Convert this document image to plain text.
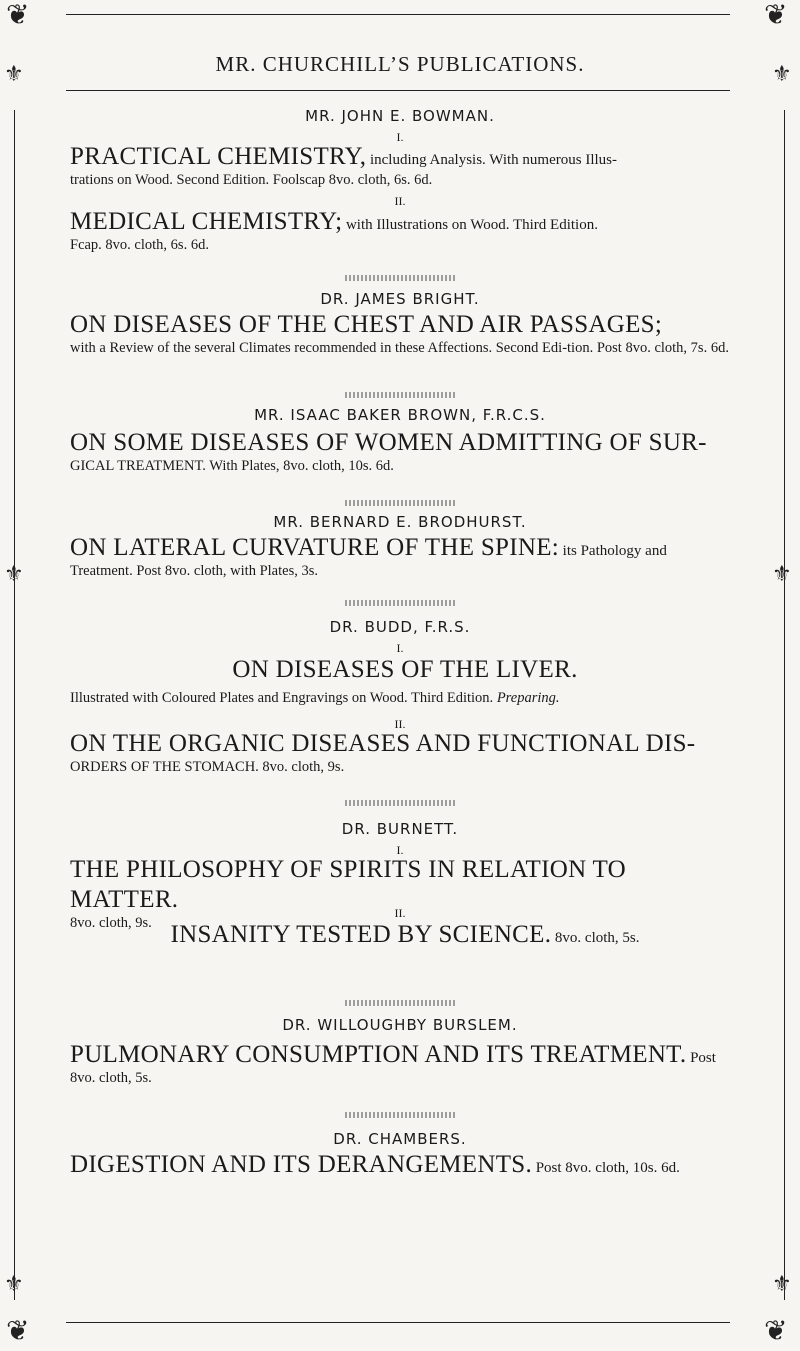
❦	❦
❦	❦
⚜	⚜
⚜	⚜
⚜	⚜
MR. CHURCHILL’S PUBLICATIONS.
MR. JOHN E. BOWMAN.
I.
PRACTICAL CHEMISTRY, including Analysis. With numerous Illus-
trations on Wood. Second Edition. Foolscap 8vo. cloth, 6s. 6d.
II.
MEDICAL CHEMISTRY; with Illustrations on Wood. Third Edition.
Fcap. 8vo. cloth, 6s. 6d.
DR. JAMES BRIGHT.
ON DISEASES OF THE CHEST AND AIR PASSAGES;
with a Review of the several Climates recommended in these Affections. Second Edi-tion. Post 8vo. cloth, 7s. 6d.
MR. ISAAC BAKER BROWN, F.R.C.S.
ON SOME DISEASES OF WOMEN ADMITTING OF SUR-
GICAL TREATMENT. With Plates, 8vo. cloth, 10s. 6d.
MR. BERNARD E. BRODHURST.
ON LATERAL CURVATURE OF THE SPINE: its Pathology and
Treatment. Post 8vo. cloth, with Plates, 3s.
DR. BUDD, F.R.S.
I.
ON DISEASES OF THE LIVER.
Illustrated with Coloured Plates and Engravings on Wood. Third Edition. Preparing.
II.
ON THE ORGANIC DISEASES AND FUNCTIONAL DIS-
ORDERS OF THE STOMACH. 8vo. cloth, 9s.
DR. BURNETT.
I.
THE PHILOSOPHY OF SPIRITS IN RELATION TO MATTER.
8vo. cloth, 9s.
II.
INSANITY TESTED BY SCIENCE. 8vo. cloth, 5s.
DR. WILLOUGHBY BURSLEM.
PULMONARY CONSUMPTION AND ITS TREATMENT. Post
8vo. cloth, 5s.
DR. CHAMBERS.
DIGESTION AND ITS DERANGEMENTS. Post 8vo. cloth, 10s. 6d.
